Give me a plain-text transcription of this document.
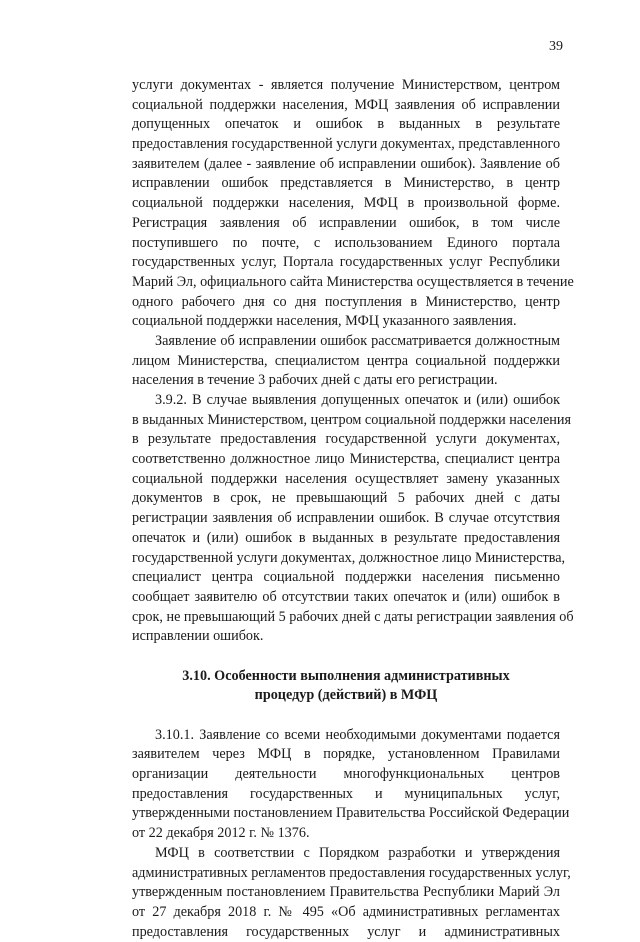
39
услуги документах - является получение Министерством, центром
социальной поддержки населения, МФЦ заявления об исправлении
допущенных опечаток и ошибок в выданных в результате
предоставления государственной услуги документах, представленного
заявителем (далее - заявление об исправлении ошибок). Заявление об
исправлении ошибок представляется в Министерство, в центр
социальной поддержки населения, МФЦ в произвольной форме.
Регистрация заявления об исправлении ошибок, в том числе
поступившего по почте, с использованием Единого портала
государственных услуг, Портала государственных услуг Республики
Марий Эл, официального сайта Министерства осуществляется в течение
одного рабочего дня со дня поступления в Министерство, центр
социальной поддержки населения, МФЦ указанного заявления.
Заявление об исправлении ошибок рассматривается должностным
лицом Министерства, специалистом центра социальной поддержки
населения в течение 3 рабочих дней с даты его регистрации.
3.9.2. В случае выявления допущенных опечаток и (или) ошибок
в выданных Министерством, центром социальной поддержки населения
в результате предоставления государственной услуги документах,
соответственно должностное лицо Министерства, специалист центра
социальной поддержки населения осуществляет замену указанных
документов в срок, не превышающий 5 рабочих дней с даты
регистрации заявления об исправлении ошибок. В случае отсутствия
опечаток и (или) ошибок в выданных в результате предоставления
государственной услуги документах, должностное лицо Министерства,
специалист центра социальной поддержки населения письменно
сообщает заявителю об отсутствии таких опечаток и (или) ошибок в
срок, не превышающий 5 рабочих дней с даты регистрации заявления об
исправлении ошибок.
3.10. Особенности выполнения административных
процедур (действий) в МФЦ
3.10.1. Заявление со всеми необходимыми документами подается
заявителем через МФЦ в порядке, установленном Правилами
организации деятельности многофункциональных центров
предоставления государственных и муниципальных услуг,
утвержденными постановлением Правительства Российской Федерации
от 22 декабря 2012 г. № 1376.
МФЦ в соответствии с Порядком разработки и утверждения
административных регламентов предоставления государственных услуг,
утвержденным постановлением Правительства Республики Марий Эл
от 27 декабря 2018 г. № 495 «Об административных регламентах
предоставления государственных услуг и административных
